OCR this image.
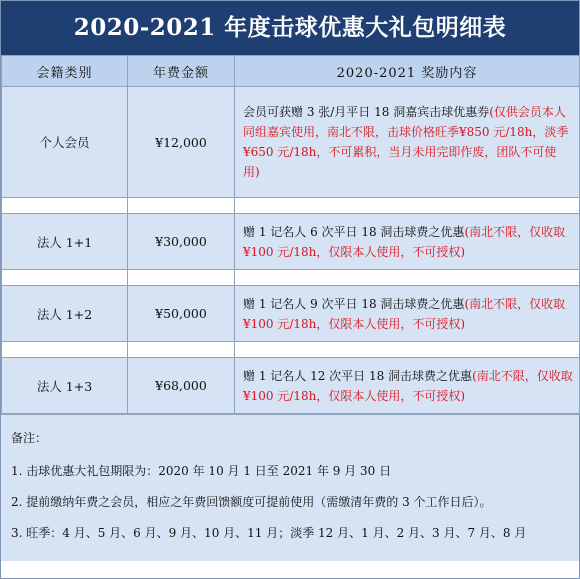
2020-2021 年度击球优惠大礼包明细表
会籍类别	年费金额	2020-2021 奖励内容
个人会员	¥12,000	会员可获赠 3 张/月平日 18 洞嘉宾击球优惠券(仅供会员本人同组嘉宾使用，南北不限，击球价格旺季¥850 元/18h，淡季¥650 元/18h，不可累积，当月未用完即作废，团队不可使用)

法人 1+1	¥30,000	赠 1 记名人 6 次平日 18 洞击球费之优惠(南北不限，仅收取¥100 元/18h，仅限本人使用，不可授权)

法人 1+2	¥50,000	赠 1 记名人 9 次平日 18 洞击球费之优惠(南北不限，仅收取¥100 元/18h，仅限本人使用，不可授权)

法人 1+3	¥68,000	赠 1 记名人 12 次平日 18 洞击球费之优惠(南北不限，仅收取¥100 元/18h，仅限本人使用，不可授权)
备注：
1. 击球优惠大礼包期限为：2020 年 10 月 1 日至 2021 年 9 月 30 日
2. 提前缴纳年费之会员，相应之年费回馈额度可提前使用（需缴清年费的 3 个工作日后）。
3. 旺季：4 月、5 月、6 月、9 月、10 月、11 月；淡季 12 月、1 月、2 月、3 月、7 月、8 月
